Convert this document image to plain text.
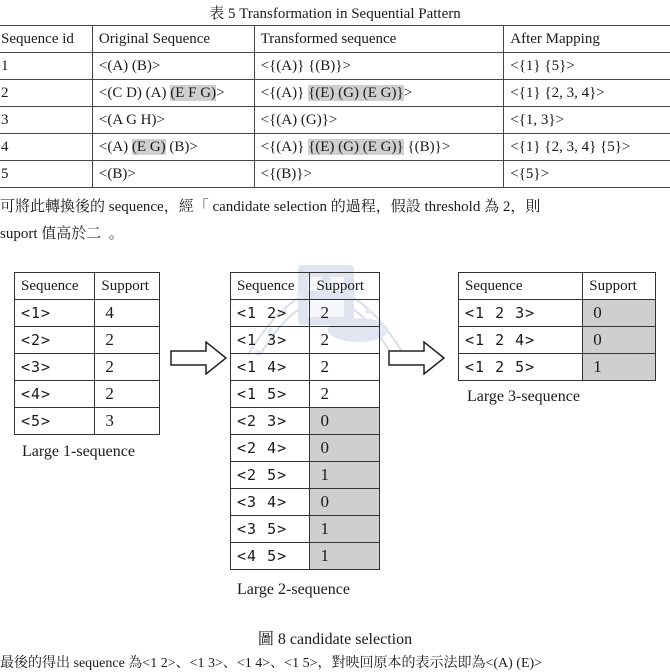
表 5 Transformation in Sequential Pattern
Sequence id	Original Sequence	Transformed sequence	After Mapping
1	<(A) (B)>	<{(A)} {(B)}>	<{1} {5}>
2	<(C D) (A) (E F G)>	<{(A)} {(E) (G) (E G)}>	<{1} {2, 3, 4}>
3	<(A G H)>	<{(A) (G)}>	<{1, 3}>
4	<(A) (E G) (B)>	<{(A)} {(E) (G) (E G)} {(B)}>	<{1} {2, 3, 4} {5}>
5	<(B)>	<{(B)}>	<{5}>
可將此轉換後的 sequence，經「 candidate selection 的過程，假設 threshold 為 2，則
suport 值高於二 。
Sequence	Support
<1>	4
<2>	2
<3>	2
<4>	2
<5>	3
Large 1-sequence
Sequence	Support
<1 2>	2
<1 3>	2
<1 4>	2
<1 5>	2
<2 3>	0
<2 4>	0
<2 5>	1
<3 4>	0
<3 5>	1
<4 5>	1
Large 2-sequence
Sequence	Support
<1 2 3>	0
<1 2 4>	0
<1 2 5>	1
Large 3-sequence
圖 8 candidate selection
最後的得出 sequence 為<1 2>、<1 3>、<1 4>、<1 5>，對映回原本的表示法即為<(A) (E)>
